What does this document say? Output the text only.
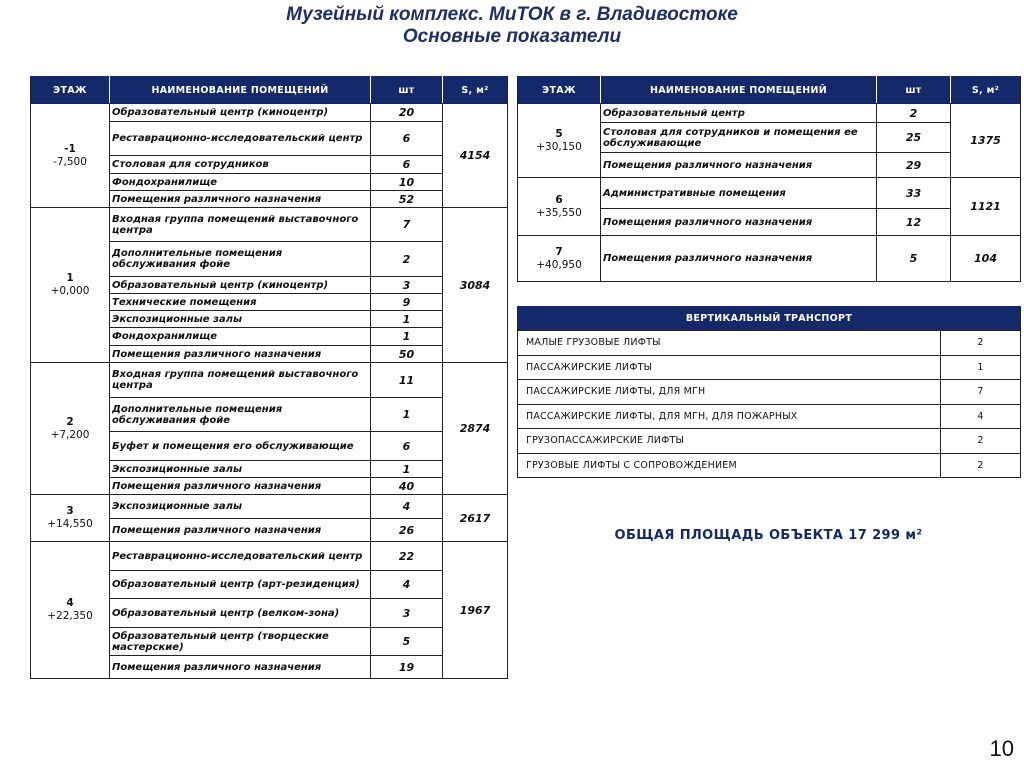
Музейный комплекс. МиТОК в г. Владивостоке
Основные показатели
ЭТАЖ	НАИМЕНОВАНИЕ ПОМЕЩЕНИЙ	шт	S, м²

-1
-7,500	Образовательный центр (киноцентр)	20	4154
	Реставрационно-исследовательский центр	6	
	Столовая для сотрудников	6	
	Фондохранилище	10	
	Помещения различного назначения	52	

1
+0,000	Входная группа помещений выставочного центра	7	3084
	Дополнительные помещения обслуживания фойе	2	
	Образовательный центр (киноцентр)	3	
	Технические помещения	9	
	Экспозиционные залы	1	
	Фондохранилище	1	
	Помещения различного назначения	50	

2
+7,200	Входная группа помещений выставочного центра	11	2874
	Дополнительные помещения обслуживания фойе	1	
	Буфет и помещения его обслуживающие	6	
	Экспозиционные залы	1	
	Помещения различного назначения	40	

3
+14,550	Экспозиционные залы	4	2617
	Помещения различного назначения	26	

4
+22,350	Реставрационно-исследовательский центр	22	1967
	Образовательный центр (арт-резиденция)	4	
	Образовательный центр (велком-зона)	3	
	Образовательный центр (творцеские мастерские)	5	
	Помещения различного назначения	19	
ЭТАЖ	НАИМЕНОВАНИЕ ПОМЕЩЕНИЙ	шт	S, м²

5
+30,150	Образовательный центр	2	1375
	Столовая для сотрудников и помещения ее обслуживающие	25	
	Помещения различного назначения	29	

6
+35,550	Административные помещения	33	1121
	Помещения различного назначения	12	

7
+40,950	Помещения различного назначения	5	104
ВЕРТИКАЛЬНЫЙ ТРАНСПОРТ	
МАЛЫЕ ГРУЗОВЫЕ ЛИФТЫ	2
ПАССАЖИРСКИЕ ЛИФТЫ	1
ПАССАЖИРСКИЕ ЛИФТЫ, ДЛЯ МГН	7
ПАССАЖИРСКИЕ ЛИФТЫ, ДЛЯ МГН, ДЛЯ ПОЖАРНЫХ	4
ГРУЗОПАССАЖИРСКИЕ ЛИФТЫ	2
ГРУЗОВЫЕ ЛИФТЫ С СОПРОВОЖДЕНИЕМ	2
ОБЩАЯ ПЛОЩАДЬ ОБЪЕКТА 17 299 м²
10
